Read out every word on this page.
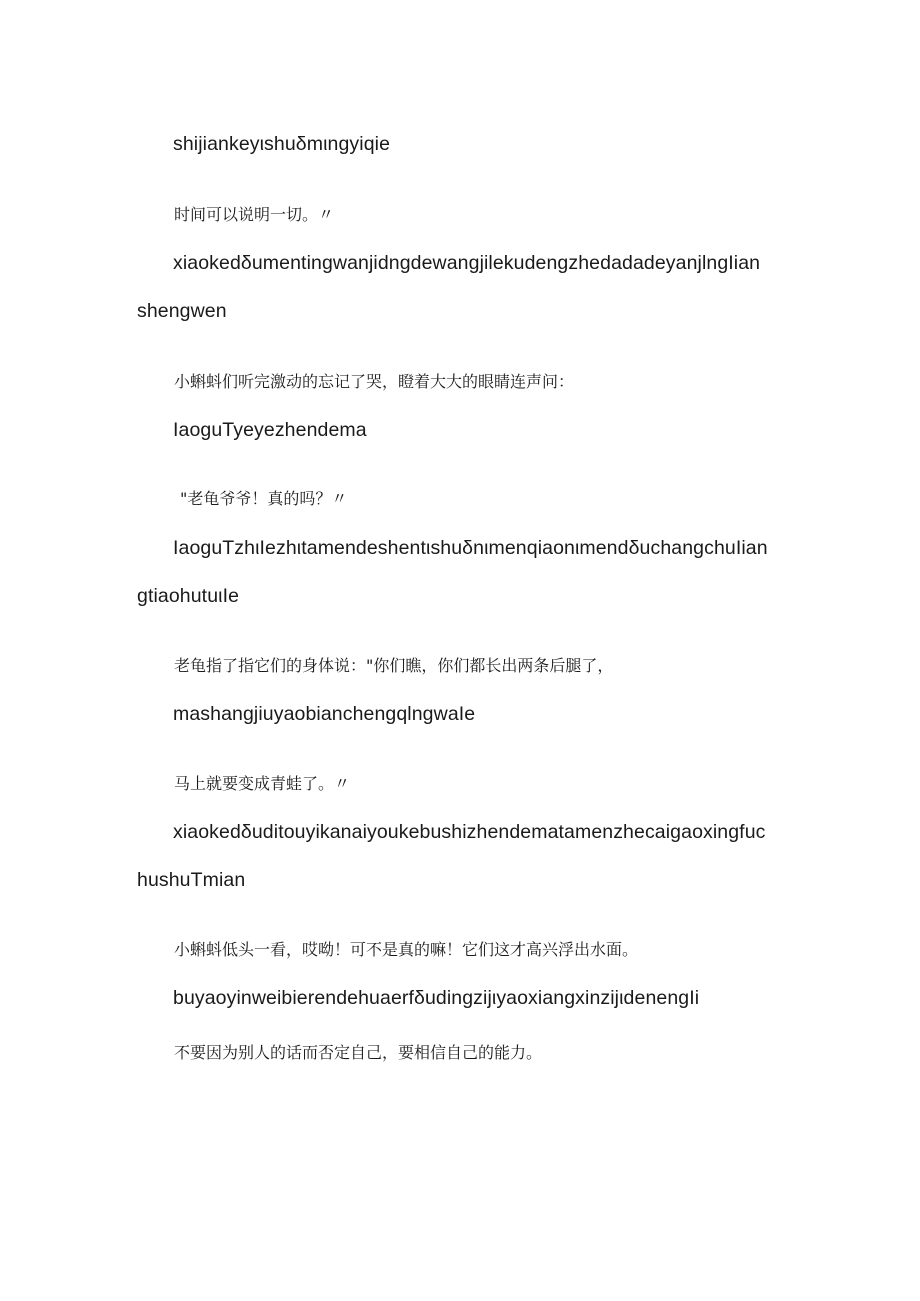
shijiankeyιshuδmιngyiqie

时间可以说明一切。〃

xiaokedδumentingwanjidngdewangjilekudengzhedadadeyanjlngIian

shengwen

小蝌蚪们听完激动的忘记了哭，瞪着大大的眼睛连声问：

IaoguTyeyezhendema

"老龟爷爷！真的吗？〃

IaoguTzhιIezhιtamendeshentιshuδnιmenqiaonιmendδuchangchuIian

gtiaohutuιIe

老龟指了指它们的身体说："你们瞧，你们都长出两条后腿了，

mashangjiuyaobianchengqlngwaIe

马上就要变成青蛙了。〃

xiaokedδuditouyikanaiyoukebushizhendematamenzhecaigaoxingfuc

hushuTmian

小蝌蚪低头一看，哎呦！可不是真的嘛！它们这才高兴浮出水面。

buyaoyinweibierendehuaerfδudingzijιyaoxiangxinzijιdenengIi

不要因为别人的话而否定自己，要相信自己的能力。
